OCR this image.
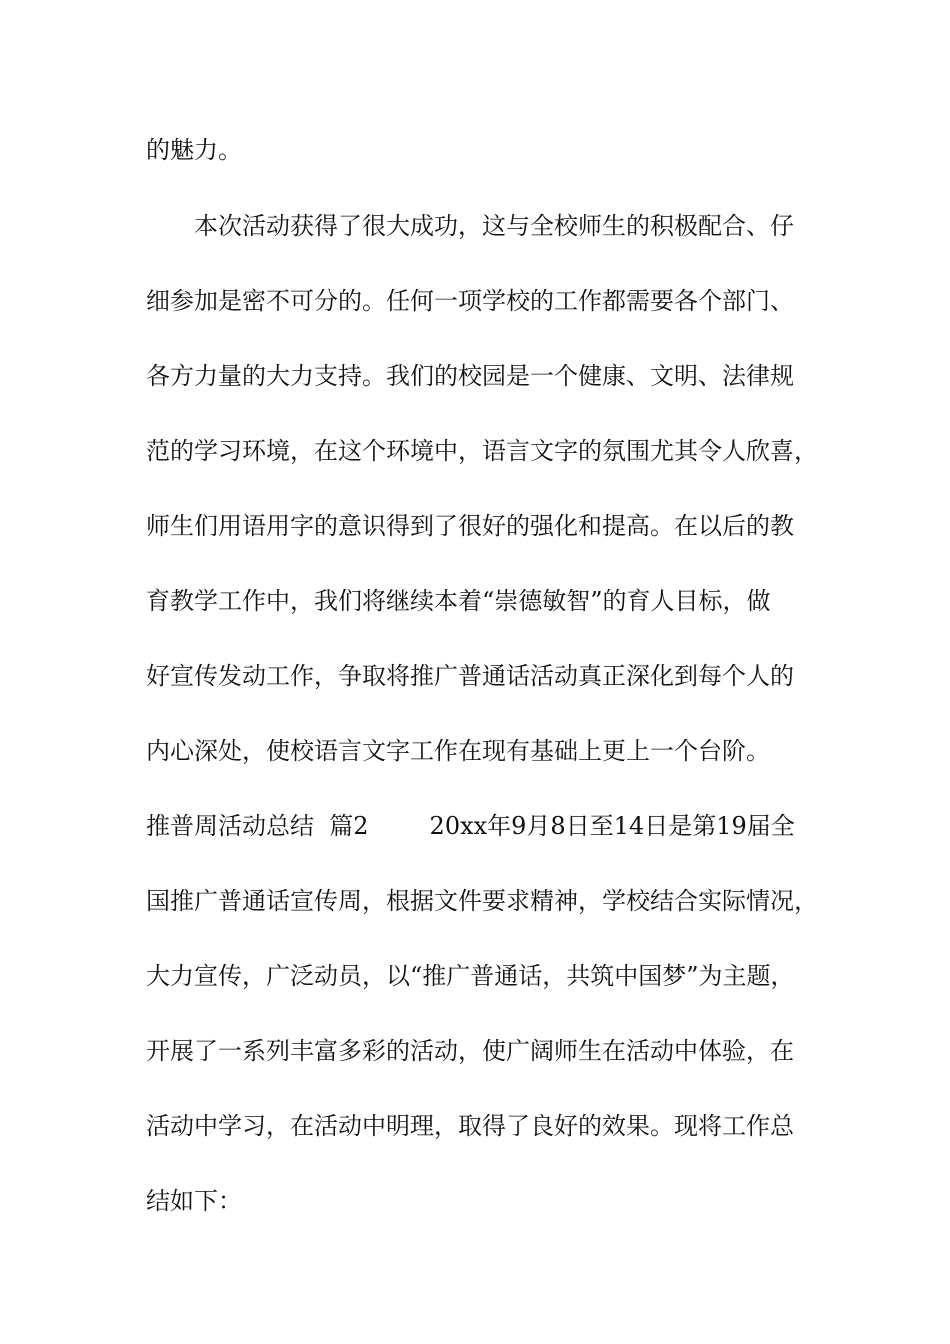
的魅力。
本次活动获得了很大成功，这与全校师生的积极配合、仔
细参加是密不可分的。任何一项学校的工作都需要各个部门、
各方力量的大力支持。我们的校园是一个健康、文明、法律规
范的学习环境，在这个环境中，语言文字的氛围尤其令人欣喜，
师生们用语用字的意识得到了很好的强化和提高。在以后的教
育教学工作中，我们将继续本着“崇德敏智”的育人目标，做
好宣传发动工作，争取将推广普通话活动真正深化到每个人的
内心深处，使校语言文字工作在现有基础上更上一个台阶。
推普周活动总结  篇2        20xx年9月8日至14日是第19届全
国推广普通话宣传周，根据文件要求精神，学校结合实际情况，
大力宣传，广泛动员，以“推广普通话，共筑中国梦”为主题，
开展了一系列丰富多彩的活动，使广阔师生在活动中体验，在
活动中学习，在活动中明理，取得了良好的效果。现将工作总
结如下：
